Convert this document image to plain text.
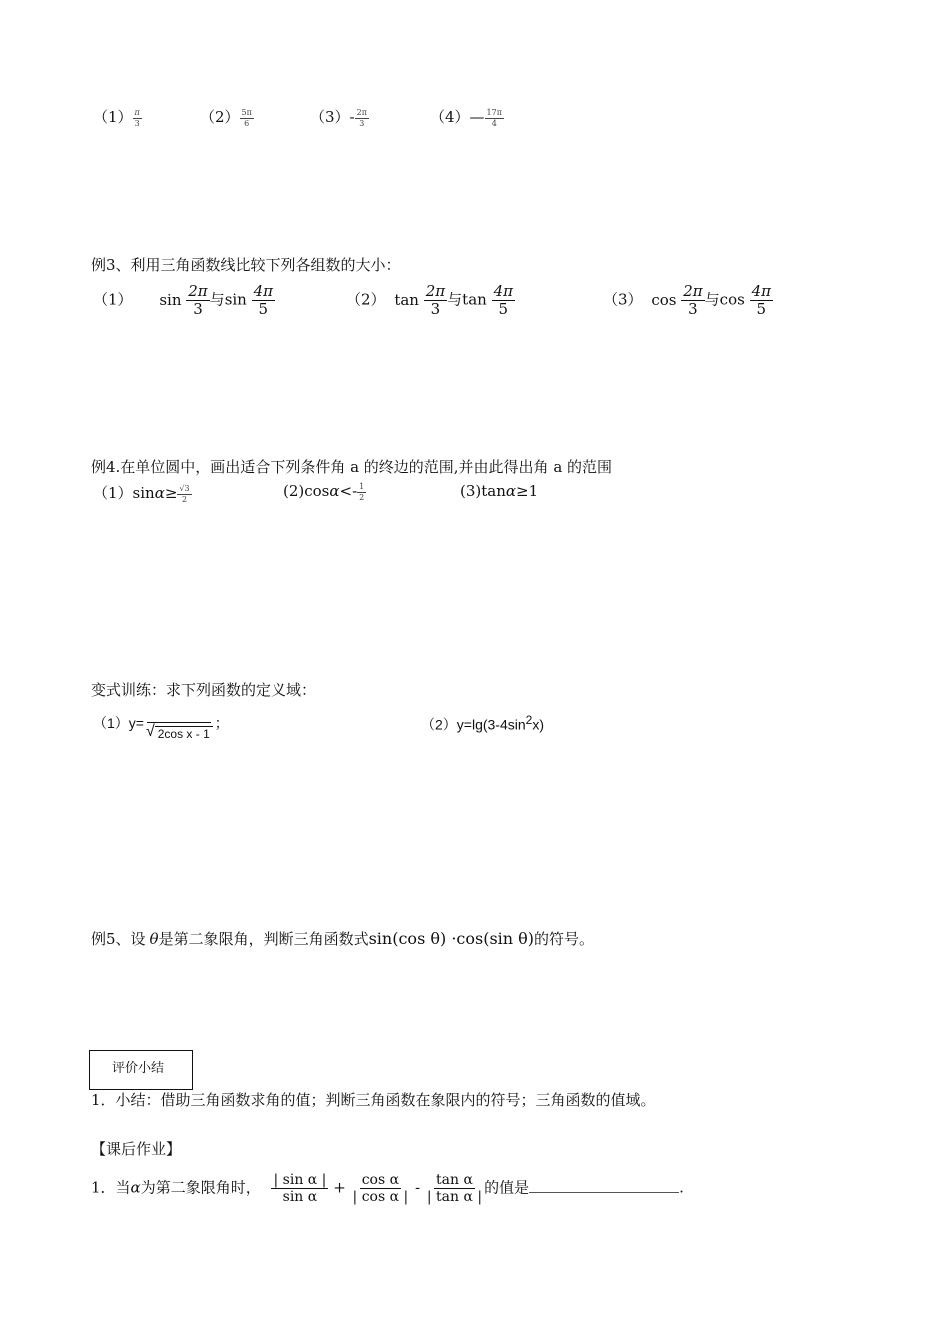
$(1) \frac{\pi}{3}$	$(2) \frac{5\pi}{6}$	$(3)- \frac{2\pi}{3}$	（4）— $\frac{17\pi}{4}$
例3、利用三角函数线比较下列各组数的大小：
（1） $\sin \frac{2\pi}{3}$ 与$\sin \frac{4\pi}{5}$	（2） $\tan \frac{2\pi}{3}$ 与$\tan \frac{4\pi}{5}$	（3） $\cos \frac{2\pi}{3}$ 与$\cos \frac{4\pi}{5}$
例4.在单位圆中，画出适合下列条件角 a 的终边的范围,并由此得出角 a 的范围
$(1)\sin\alpha\ge \frac{√3}{2}$	$(2)\cos\alpha<- \frac{1}{2}$	(3)tanα≥1
变式训练：求下列函数的定义域：
（1）y=
√ 2cos x - 1
；	$(2)y=\lg(3-4\sin^2x)$
例5、设 θ是第二象限角，判断三角函数式sin(cos θ) ·cos(sin θ)的符号。
评价小结
1．小结：借助三角函数求角的值；判断三角函数在象限内的符号；三角函数的值域。
【课后作业】
1．当α为第二象限角时， $\frac{\text{| sin α |}}{\text{sin α}} + \frac{\text{cos α}}{\text{| cos α |}} - \frac{\text{tan α}}{\text{| tan α |}}$ 的值是	.
